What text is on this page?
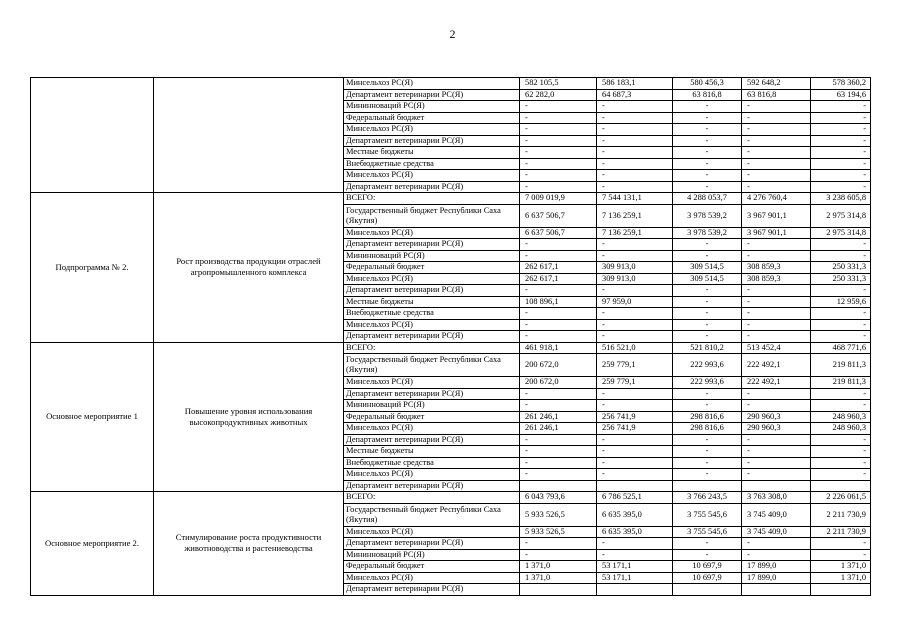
2
		Минсельхоз РС(Я)	582 105,5	586 183,1	580 456,3	592 648,2	578 360,2
		Департамент ветеринарии РС(Я)	62 282,0	64 687,3	63 816,8	63 816,8	63 194,6
		Мининноваций РС(Я)	-	-	-	-	-
		Федеральный бюджет	-	-	-	-	-
		Минсельхоз РС(Я)	-	-	-	-	-
		Департамент ветеринарии РС(Я)	-	-	-	-	-
		Местные бюджеты	-	-	-	-	-
		Внебюджетные средства	-	-	-	-	-
		Минсельхоз РС(Я)	-	-	-	-	-
		Департамент ветеринарии РС(Я)	-	-	-	-	-
Подпрограмма № 2.	Рост производства продукции отраслей агропромышленного комплекса	ВСЕГО:	7 009 019,9	7 544 131,1	4 288 053,7	4 276 760,4	3 238 605,8
		Государственный бюджет Республики Саха (Якутия)	6 637 506,7	7 136 259,1	3 978 539,2	3 967 901,1	2 975 314,8
		Минсельхоз РС(Я)	6 637 506,7	7 136 259,1	3 978 539,2	3 967 901,1	2 975 314,8
		Департамент ветеринарии РС(Я)	-	-	-	-	-
		Мининноваций РС(Я)	-	-	-	-	-
		Федеральный бюджет	262 617,1	309 913,0	309 514,5	308 859,3	250 331,3
		Минсельхоз РС(Я)	262 617,1	309 913,0	309 514,5	308 859,3	250 331,3
		Департамент ветеринарии РС(Я)	-	-	-	-	-
		Местные бюджеты	108 896,1	97 959,0	-	-	12 959,6
		Внебюджетные средства	-	-	-	-	-
		Минсельхоз РС(Я)	-	-	-	-	-
		Департамент ветеринарии РС(Я)	-	-	-	-	-
Основное мероприятие 1	Повышение уровня использования высокопродуктивных животных	ВСЕГО:	461 918,1	516 521,0	521 810,2	513 452,4	468 771,6
		Государственный бюджет Республики Саха (Якутия)	200 672,0	259 779,1	222 993,6	222 492,1	219 811,3
		Минсельхоз РС(Я)	200 672,0	259 779,1	222 993,6	222 492,1	219 811,3
		Департамент ветеринарии РС(Я)	-	-	-	-	-
		Мининноваций РС(Я)	-	-	-	-	-
		Федеральный бюджет	261 246,1	256 741,9	298 816,6	290 960,3	248 960,3
		Минсельхоз РС(Я)	261 246,1	256 741,9	298 816,6	290 960,3	248 960,3
		Департамент ветеринарии РС(Я)	-	-	-	-	-
		Местные бюджеты	-	-	-	-	-
		Внебюджетные средства	-	-	-	-	-
		Минсельхоз РС(Я)	-	-	-	-	-
		Департамент ветеринарии РС(Я)					
Основное мероприятие 2.	Стимулирование роста продуктивности животноводства и растениеводства	ВСЕГО:	6 043 793,6	6 786 525,1	3 766 243,5	3 763 308,0	2 226 061,5
		Государственный бюджет Республики Саха (Якутия)	5 933 526,5	6 635 395,0	3 755 545,6	3 745 409,0	2 211 730,9
		Минсельхоз РС(Я)	5 933 526,5	6 635 395,0	3 755 545,6	3 745 409,0	2 211 730,9
		Департамент ветеринарии РС(Я)	-	-	-	-	-
		Мининноваций РС(Я)	-	-	-	-	-
		Федеральный бюджет	1 371,0	53 171,1	10 697,9	17 899,0	1 371,0
		Минсельхоз РС(Я)	1 371,0	53 171,1	10 697,9	17 899,0	1 371,0
		Департамент ветеринарии РС(Я)					
